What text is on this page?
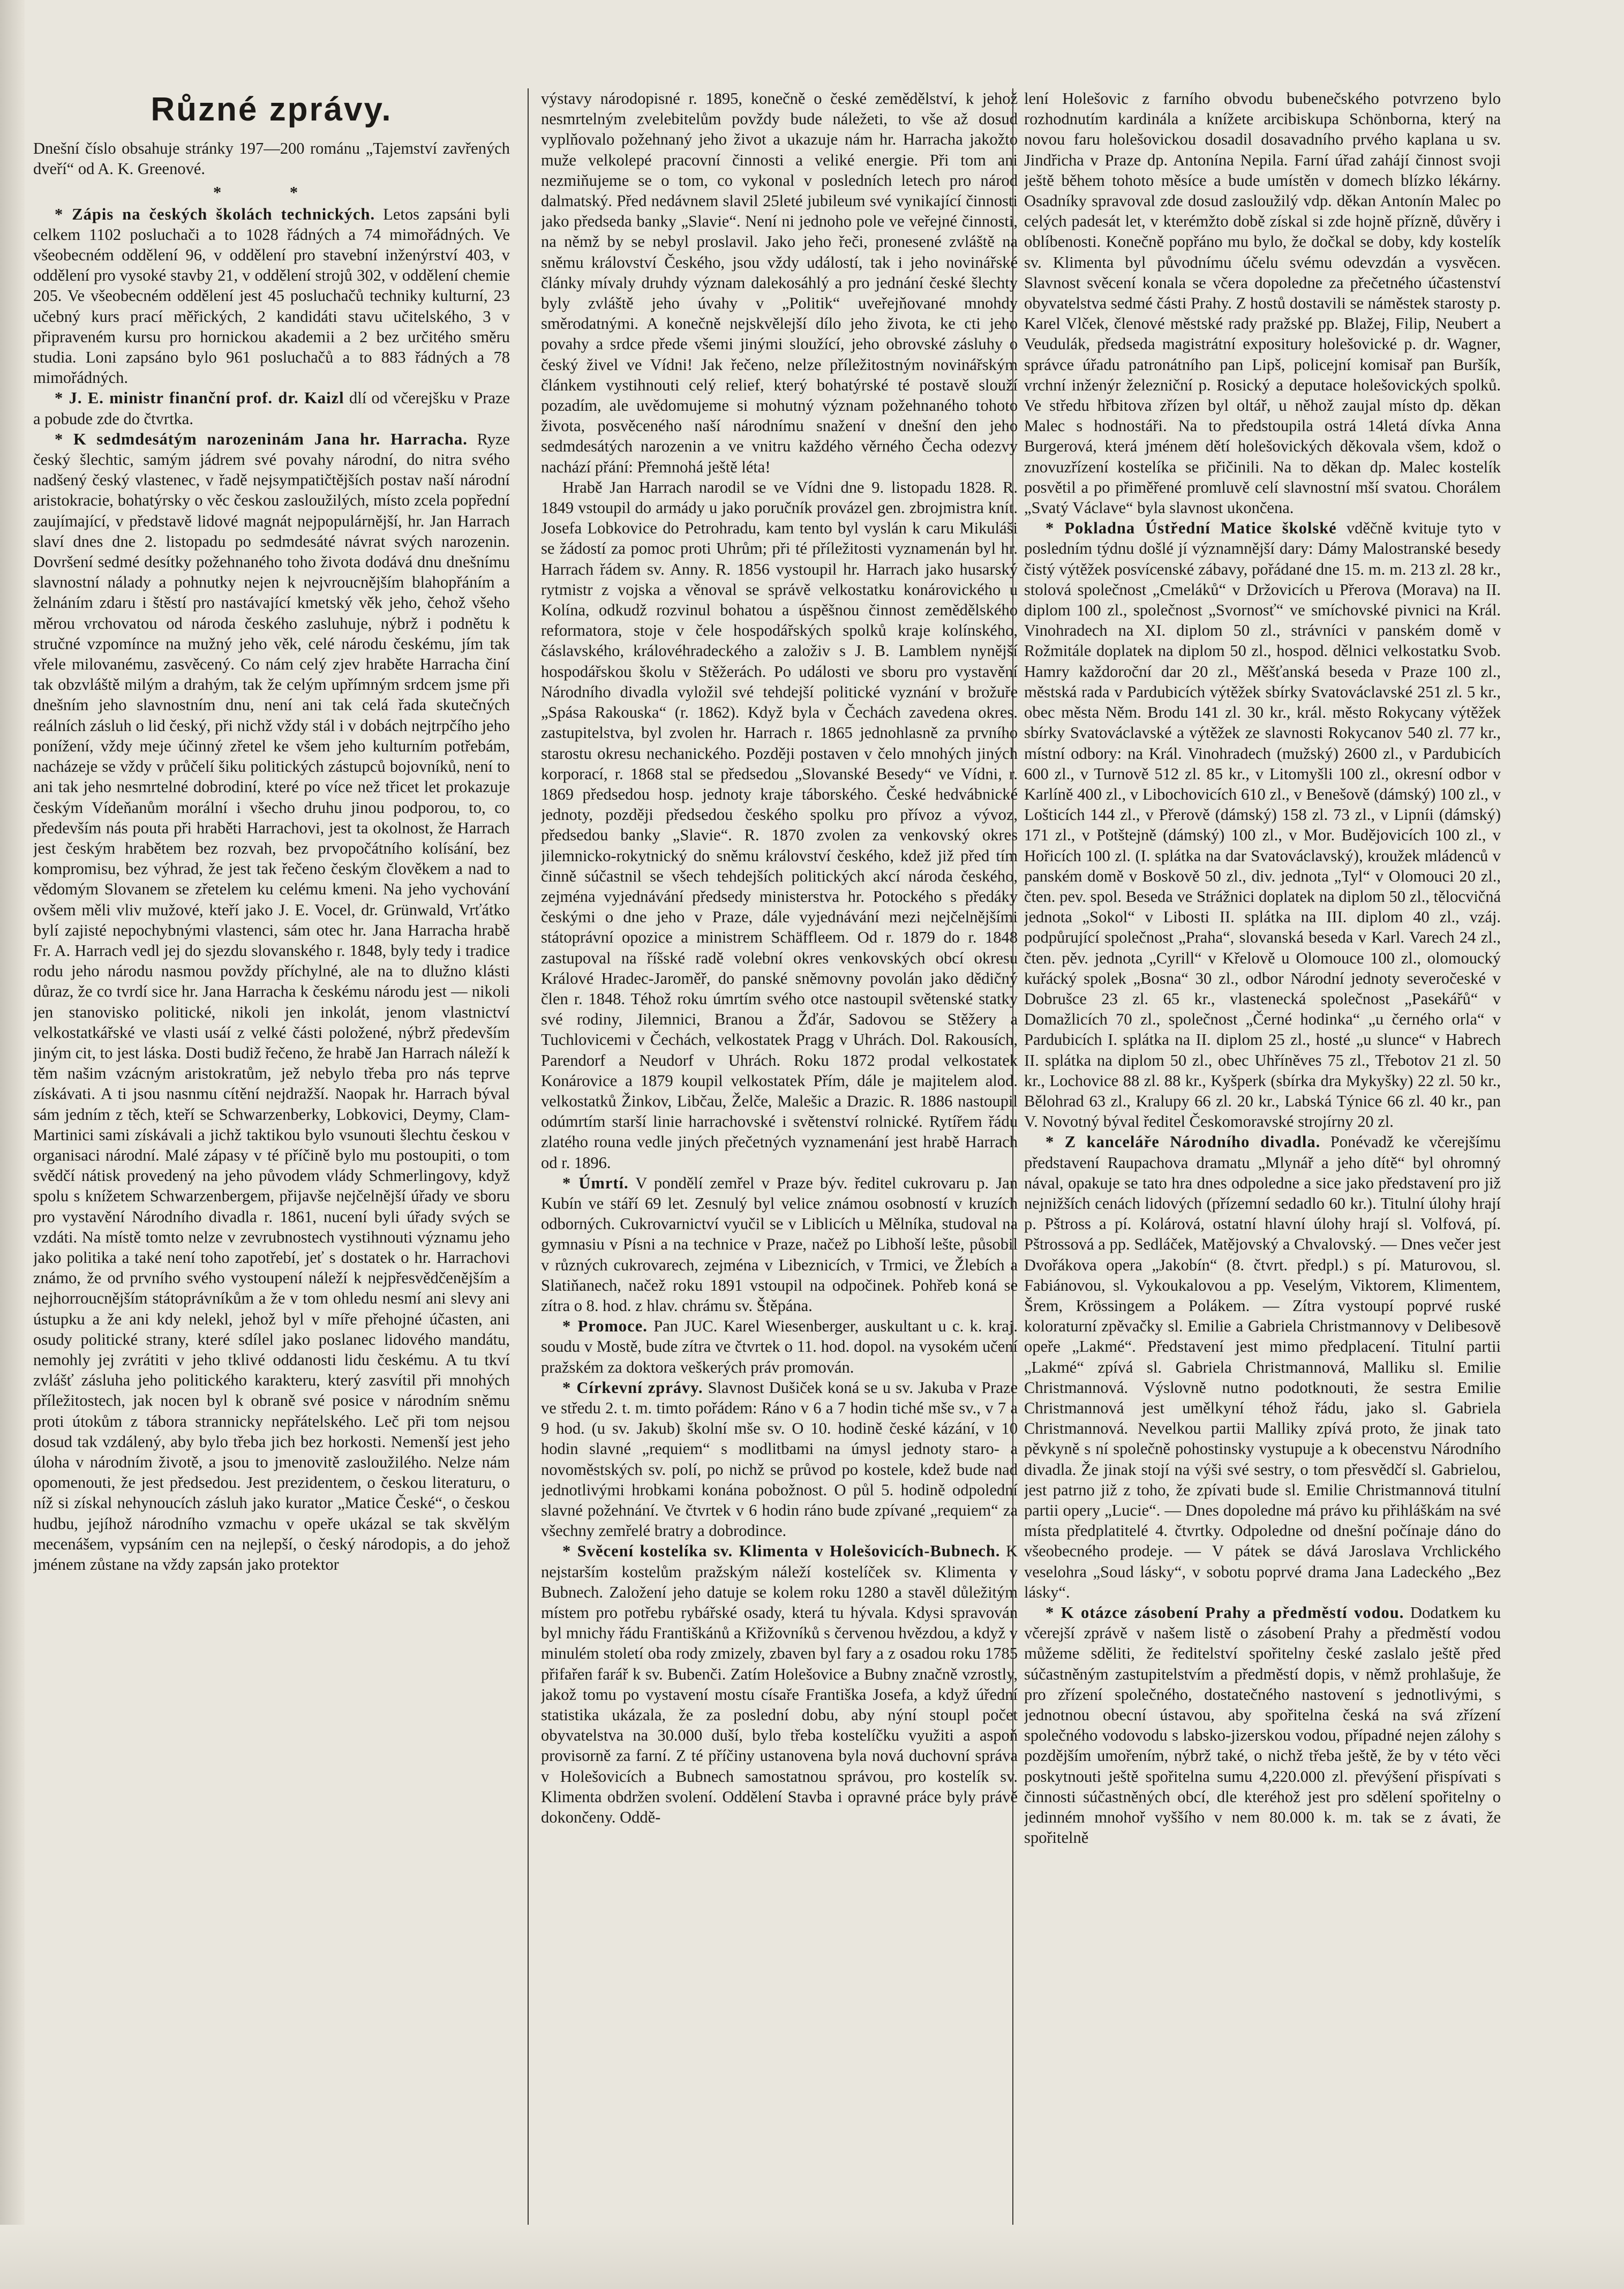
Různé zprávy.

Dnešní číslo obsahuje stránky 197—200 románu „Tajemství zavřených dveří“ od A. K. Greenové.

* *

* Zápis na českých školách technických. Letos zapsáni byli celkem 1102 posluchači a to 1028 řádných a 74 mimořádných. Ve všeobecném oddělení 96, v oddělení pro stavební inženýrství 403, v oddělení pro vysoké stavby 21, v oddělení strojů 302, v oddělení chemie 205. Ve všeobecném oddělení jest 45 posluchačů techniky kulturní, 23 učebný kurs prací měřických, 2 kandidáti stavu učitelského, 3 v připraveném kursu pro hornickou akademii a 2 bez určitého směru studia. Loni zapsáno bylo 961 posluchačů a to 883 řádných a 78 mimořádných.

* J. E. ministr finanční prof. dr. Kaizl dlí od včerejšku v Praze a pobude zde do čtvrtka.

* K sedmdesátým narozeninám Jana hr. Harracha. Ryze český šlechtic, samým jádrem své povahy národní, do nitra svého nadšený český vlastenec, v řadě nejsympatičtějších postav naší národní aristokracie, bohatýrsky o věc českou zasloužilých, místo zcela popřední zaujímající, v představě lidové magnát nejpopulárnější, hr. Jan Harrach slaví dnes dne 2. listopadu po sedmdesáté návrat svých narozenin. Dovršení sedmé desítky požehnaného toho života dodává dnu dnešnímu slavnostní nálady a pohnutky nejen k nejvroucnějším blahopřáním a želnáním zdaru i štěstí pro nastávající kmetský věk jeho, čehož všeho měrou vrchovatou od národa českého zasluhuje, nýbrž i podnětu k stručné vzpomínce na mužný jeho věk, celé národu českému, jím tak vřele milovanému, zasvěcený. Co nám celý zjev hraběte Harracha činí tak obzvláště milým a drahým, tak že celým upřímným srdcem jsme při dnešním jeho slavnostním dnu, není ani tak celá řada skutečných reálních zásluh o lid český, při nichž vždy stál i v dobách nejtrpčího jeho ponížení, vždy meje účinný zřetel ke všem jeho kulturním potřebám, nacházeje se vždy v průčelí šiku politických zástupců bojovníků, není to ani tak jeho nesmrtelné dobrodiní, které po více než třicet let prokazuje českým Vídeňanům morální i všecho druhu jinou podporou, to, co především nás pouta při hraběti Harrachovi, jest ta okolnost, že Harrach jest českým hrabětem bez rozvah, bez prvopočátního kolísání, bez kompromisu, bez výhrad, že jest tak řečeno českým člověkem a nad to vědomým Slovanem se zřetelem ku celému kmeni. Na jeho vychování ovšem měli vliv mužové, kteří jako J. E. Vocel, dr. Grünwald, Vrťátko bylí zajisté nepochybnými vlastenci, sám otec hr. Jana Harracha hrabě Fr. A. Harrach vedl jej do sjezdu slovanského r. 1848, byly tedy i tradice rodu jeho národu nasmou povždy příchylné, ale na to dlužno klásti důraz, že co tvrdí sice hr. Jana Harracha k českému národu jest — nikoli jen stanovisko politické, nikoli jen inkolát, jenom vlastnictví velkostatkářské ve vlasti usáí z velké části položené, nýbrž především jiným cit, to jest láska. Dosti budiž řečeno, že hrabě Jan Harrach náleží k těm našim vzácným aristokratům, jež nebylo třeba pro nás teprve získávati. A ti jsou nasnmu cítění nejdražší. Naopak hr. Harrach býval sám jedním z těch, kteří se Schwarzenberky, Lobkovici, Deymy, Clam-Martinici sami získávali a jichž taktikou bylo vsunouti šlechtu českou v organisaci národní. Malé zápasy v té příčině bylo mu postoupiti, o tom svědčí nátisk provedený na jeho původem vlády Schmerlingovy, když spolu s knížetem Schwarzenbergem, přijavše nejčelnější úřady ve sboru pro vystavění Národního divadla r. 1861, nucení byli úřady svých se vzdáti. Na místě tomto nelze v zevrubnostech vystihnouti významu jeho jako politika a také není toho zapotřebí, jeť s dostatek o hr. Harrachovi známo, že od prvního svého vystoupení náleží k nejpřesvědčenějším a nejhorroucnějším státoprávníkům a že v tom ohledu nesmí ani slevy ani ústupku a že ani kdy nelekl, jehož byl v míře přehojné účasten, ani osudy politické strany, které sdílel jako poslanec lidového mandátu, nemohly jej zvrátiti v jeho tklivé oddanosti lidu českému. A tu tkví zvlášť zásluha jeho politického karakteru, který zasvítil při mnohých příležitostech, jak nocen byl k obraně své posice v národním sněmu proti útokům z tábora strannicky nepřátelského. Leč při tom nejsou dosud tak vzdálený, aby bylo třeba jich bez horkosti. Nemenší jest jeho úloha v národním životě, a jsou to jmenovitě zasloužilého. Nelze nám opomenouti, že jest předsedou. Jest prezidentem, o českou literaturu, o níž si získal nehynoucích zásluh jako kurator „Matice České“, o českou hudbu, jejíhož národního vzmachu v opeře ukázal se tak skvělým mecenášem, vypsáním cen na nejlepší, o český národopis, a do jehož jménem zůstane na vždy zapsán jako protektor

výstavy národopisné r. 1895, konečně o české zemědělství, k jehož nesmrtelným zvelebitelům povždy bude náležeti, to vše až dosud vyplňovalo požehnaný jeho život a ukazuje nám hr. Harracha jakožto muže velkolepé pracovní činnosti a veliké energie. Při tom ani nezmiňujeme se o tom, co vykonal v posledních letech pro národ dalmatský. Před nedávnem slavil 25leté jubileum své vynikající činnosti jako předseda banky „Slavie“. Není ni jednoho pole ve veřejné činnosti, na němž by se nebyl proslavil. Jako jeho řeči, pronesené zvláště na sněmu království Českého, jsou vždy událostí, tak i jeho novinářské články mívaly druhdy význam dalekosáhlý a pro jednání české šlechty byly zvláště jeho úvahy v „Politik“ uveřejňované mnohdy směrodatnými. A konečně nejskvělejší dílo jeho života, ke cti jeho povahy a srdce přede všemi jinými sloužící, jeho obrovské zásluhy o český živel ve Vídni! Jak řečeno, nelze příležitostným novinářským článkem vystihnouti celý relief, který bohatýrské té postavě slouží pozadím, ale uvědomujeme si mohutný význam požehnaného tohoto života, posvěceného naší národnímu snažení v dnešní den jeho sedmdesátých narozenin a ve vnitru každého věrného Čecha odezvy nachází přání: Přemnohá ještě léta!

Hrabě Jan Harrach narodil se ve Vídni dne 9. listopadu 1828. R. 1849 vstoupil do armády u jako poručník provázel gen. zbrojmistra knít. Josefa Lobkovice do Petrohradu, kam tento byl vyslán k caru Mikuláši se žádostí za pomoc proti Uhrům; při té příležitosti vyznamenán byl hr. Harrach řádem sv. Anny. R. 1856 vystoupil hr. Harrach jako husarský rytmistr z vojska a věnoval se správě velkostatku konárovického u Kolína, odkudž rozvinul bohatou a úspěšnou činnost zemědělského reformatora, stoje v čele hospodářských spolků kraje kolínského, čáslavského, královéhradeckého a založiv s J. B. Lamblem nynější hospodářskou školu v Stěžerách. Po události ve sboru pro vystavění Národního divadla vyložil své tehdejší politické vyznání v brožuře „Spása Rakouska“ (r. 1862). Když byla v Čechách zavedena okres. zastupitelstva, byl zvolen hr. Harrach r. 1865 jednohlasně za prvního starostu okresu nechanického. Později postaven v čelo mnohých jiných korporací, r. 1868 stal se předsedou „Slovanské Besedy“ ve Vídni, r. 1869 předsedou hosp. jednoty kraje táborského. České hedvábnické jednoty, později předsedou českého spolku pro přívoz a vývoz, předsedou banky „Slavie“. R. 1870 zvolen za venkovský okres jilemnicko-rokytnický do sněmu království českého, kdež již před tím činně súčastnil se všech tehdejších politických akcí národa českého, zejména vyjednávání předsedy ministerstva hr. Potockého s předáky českými o dne jeho v Praze, dále vyjednávání mezi nejčelnějšími státoprávní opozice a ministrem Schäffleem. Od r. 1879 do r. 1848 zastupoval na říšské radě volební okres venkovských obcí okresu Králové Hradec-Jaroměř, do panské sněmovny povolán jako dědičný člen r. 1848. Téhož roku úmrtím svého otce nastoupil světenské statky své rodiny, Jilemnici, Branou a Žďár, Sadovou se Stěžery a Tuchlovicemi v Čechách, velkostatek Pragg v Uhrách. Dol. Rakousích, Parendorf a Neudorf v Uhrách. Roku 1872 prodal velkostatek Konárovice a 1879 koupil velkostatek Přím, dále je majitelem alod. velkostatků Žinkov, Libčau, Želče, Malešic a Drazic. R. 1886 nastoupil odúmrtím starší linie harrachovské i světenství rolnické. Rytířem řádu zlatého rouna vedle jiných přečetných vyznamenání jest hrabě Harrach od r. 1896.

* Úmrtí. V pondělí zemřel v Praze býv. ředitel cukrovaru p. Jan Kubín ve stáří 69 let. Zesnulý byl velice známou osobností v kruzích odborných. Cukrovarnictví vyučil se v Liblicích u Mělníka, studoval na gymnasiu v Písni a na technice v Praze, načež po Libhoší lešte, působil v různých cukrovarech, zejména v Libeznicích, v Trmici, ve Žlebích a Slatiňanech, načež roku 1891 vstoupil na odpočinek. Pohřeb koná se zítra o 8. hod. z hlav. chrámu sv. Štěpána.

* Promoce. Pan JUC. Karel Wiesenberger, auskultant u c. k. kraj. soudu v Mostě, bude zítra ve čtvrtek o 11. hod. dopol. na vysokém učení pražském za doktora veškerých práv promován.

* Církevní zprávy. Slavnost Dušiček koná se u sv. Jakuba v Praze ve středu 2. t. m. timto pořádem: Ráno v 6 a 7 hodin tiché mše sv., v 7 a 9 hod. (u sv. Jakub) školní mše sv. O 10. hodině české kázání, v 10 hodin slavné „requiem“ s modlitbami na úmysl jednoty staro- a novoměstských sv. polí, po nichž se průvod po kostele, kdež bude nad jednotlivými hrobkami konána pobožnost. O půl 5. hodině odpolední slavné požehnání. Ve čtvrtek v 6 hodin ráno bude zpívané „requiem“ za všechny zemřelé bratry a dobrodince.

* Svěcení kostelíka sv. Klimenta v Holešovicích-Bubnech. K nejstarším kostelům pražským náleží kostelíček sv. Klimenta v Bubnech. Založení jeho datuje se kolem roku 1280 a stavěl důležitým místem pro potřebu rybářské osady, která tu hývala. Kdysi spravován byl mnichy řádu Františkánů a Křižovníků s červenou hvězdou, a když v minulém století oba rody zmizely, zbaven byl fary a z osadou roku 1785 přifařen farář k sv. Bubenči. Zatím Holešovice a Bubny značně vzrostly, jakož tomu po vystavení mostu císaře Františka Josefa, a když úřední statistika ukázala, že za poslední dobu, aby nýní stoupl počet obyvatelstva na 30.000 duší, bylo třeba kostelíčku využiti a aspoň provisorně za farní. Z té příčiny ustanovena byla nová duchovní správa v Holešovicích a Bubnech samostatnou správou, pro kostelík sv. Klimenta obdržen svolení. Oddělení Stavba i opravné práce byly právě dokončeny. Oddě-

lení Holešovic z farního obvodu bubenečského potvrzeno bylo rozhodnutím kardinála a knížete arcibiskupa Schönborna, který na novou faru holešovickou dosadil dosavadního prvého kaplana u sv. Jindřicha v Praze dp. Antonína Nepila. Farní úřad zahájí činnost svoji ještě během tohoto měsíce a bude umístěn v domech blízko lékárny. Osadníky spravoval zde dosud zasloužilý vdp. děkan Antonín Malec po celých padesát let, v kterémžto době získal si zde hojně přízně, důvěry i oblíbenosti. Konečně popřáno mu bylo, že dočkal se doby, kdy kostelík sv. Klimenta byl původnímu účelu svému odevzdán a vysvěcen. Slavnost svěcení konala se včera dopoledne za přečetného účastenství obyvatelstva sedmé části Prahy. Z hostů dostavili se náměstek starosty p. Karel Vlček, členové městské rady pražské pp. Blažej, Filip, Neubert a Veudulák, předseda magistrátní expositury holešovické p. dr. Wagner, správce úřadu patronátního pan Lipš, policejní komisař pan Buršík, vrchní inženýr železniční p. Rosický a deputace holešovických spolků. Ve středu hřbitova zřízen byl oltář, u něhož zaujal místo dp. děkan Malec s hodnostáři. Na to předstoupila ostrá 14letá dívka Anna Burgerová, která jménem dětí holešovických děkovala všem, kdož o znovuzřízení kostelíka se přičinili. Na to děkan dp. Malec kostelík posvětil a po přiměřené promluvě celí slavnostní mší svatou. Chorálem „Svatý Václave“ byla slavnost ukončena.

* Pokladna Ústřední Matice školské vděčně kvituje tyto v posledním týdnu došlé jí významnější dary: Dámy Malostranské besedy čistý výtěžek posvícenské zábavy, pořádané dne 15. m. m. 213 zl. 28 kr., stolová společnost „Cmeláků“ v Držovicích u Přerova (Morava) na II. diplom 100 zl., společnost „Svornosť“ ve smíchovské pivnici na Král. Vinohradech na XI. diplom 50 zl., strávníci v panském domě v Rožmitále doplatek na diplom 50 zl., hospod. dělnici velkostatku Svob. Hamry každoroční dar 20 zl., Měšťanská beseda v Praze 100 zl., městská rada v Pardubicích výtěžek sbírky Svatováclavské 251 zl. 5 kr., obec města Něm. Brodu 141 zl. 30 kr., král. město Rokycany výtěžek sbírky Svatováclavské a výtěžek ze slavnosti Rokycanov 540 zl. 77 kr., místní odbory: na Král. Vinohradech (mužský) 2600 zl., v Pardubicích 600 zl., v Turnově 512 zl. 85 kr., v Litomyšli 100 zl., okresní odbor v Karlíně 400 zl., v Libochovicích 610 zl., v Benešově (dámský) 100 zl., v Lošticích 144 zl., v Přerově (dámský) 158 zl. 73 zl., v Lipníi (dámský) 171 zl., v Potštejně (dámský) 100 zl., v Mor. Budějovicích 100 zl., v Hořicích 100 zl. (I. splátka na dar Svatováclavský), kroužek mládenců v panském domě v Boskově 50 zl., div. jednota „Tyl“ v Olomouci 20 zl., čten. pev. spol. Beseda ve Strážnici doplatek na diplom 50 zl., tělocvičná jednota „Sokol“ v Libosti II. splátka na III. diplom 40 zl., vzáj. podpůrující společnost „Praha“, slovanská beseda v Karl. Varech 24 zl., čten. pěv. jednota „Cyrill“ v Křelově u Olomouce 100 zl., olomoucký kuřácký spolek „Bosna“ 30 zl., odbor Národní jednoty severočeské v Dobrušce 23 zl. 65 kr., vlastenecká společnost „Pasekářů“ v Domažlicích 70 zl., společnost „Černé hodinka“ „u černého orla“ v Pardubicích I. splátka na II. diplom 25 zl., hosté „u slunce“ v Habrech II. splátka na diplom 50 zl., obec Uhříněves 75 zl., Třebotov 21 zl. 50 kr., Lochovice 88 zl. 88 kr., Kyšperk (sbírka dra Mykyšky) 22 zl. 50 kr., Bělohrad 63 zl., Kralupy 66 zl. 20 kr., Labská Týnice 66 zl. 40 kr., pan V. Novotný býval ředitel Českomoravské strojírny 20 zl.

* Z kanceláře Národního divadla. Ponévadž ke včerejšímu představení Raupachova dramatu „Mlynář a jeho dítě“ byl ohromný nával, opakuje se tato hra dnes odpoledne a sice jako představení pro již nejnižších cenách lidových (přízemní sedadlo 60 kr.). Titulní úlohy hrají p. Pštross a pí. Kolárová, ostatní hlavní úlohy hrají sl. Volfová, pí. Pštrossová a pp. Sedláček, Matějovský a Chvalovský. — Dnes večer jest Dvořákova opera „Jakobín“ (8. čtvrt. předpl.) s pí. Maturovou, sl. Fabiánovou, sl. Vykoukalovou a pp. Veselým, Viktorem, Klimentem, Šrem, Krössingem a Polákem. — Zítra vystoupí poprvé ruské koloraturní zpěvačky sl. Emilie a Gabriela Christmannovy v Delibesově opeře „Lakmé“. Představení jest mimo předplacení. Titulní partii „Lakmé“ zpívá sl. Gabriela Christmannová, Malliku sl. Emilie Christmannová. Výslovně nutno podotknouti, že sestra Emilie Christmannová jest umělkyní téhož řádu, jako sl. Gabriela Christmannová. Nevelkou partii Malliky zpívá proto, že jinak tato pěvkyně s ní společně pohostinsky vystupuje a k obecenstvu Národního divadla. Že jinak stojí na výši své sestry, o tom přesvědčí sl. Gabrielou, jest patrno již z toho, že zpívati bude sl. Emilie Christmannová titulní partii opery „Lucie“. — Dnes dopoledne má právo ku přihláškám na své místa předplatitelé 4. čtvrtky. Odpoledne od dnešní počínaje dáno do všeobecného prodeje. — V pátek se dává Jaroslava Vrchlického veselohra „Soud lásky“, v sobotu poprvé drama Jana Ladeckého „Bez lásky“.

* K otázce zásobení Prahy a předměstí vodou. Dodatkem ku včerejší zprávě v našem listě o zásobení Prahy a předměstí vodou můžeme sděliti, že ředitelství spořitelny české zaslalo ještě před súčastněným zastupitelstvím a předměstí dopis, v němž prohlašuje, že pro zřízení společného, dostatečného nastovení s jednotlivými, s jednotnou obecní ústavou, aby spořitelna česká na svá zřízení společného vodovodu s labsko-jizerskou vodou, případné nejen zálohy s pozdějším umořením, nýbrž také, o nichž třeba ještě, že by v této věci poskytnouti ještě spořitelna sumu 4,220.000 zl. převýšení přispívati s činnosti súčastněných obcí, dle kteréhož jest pro sdělení spořitelny o jedinném mnohoř vyššího v nem 80.000 k. m. tak se z ávati, že spořitelně
